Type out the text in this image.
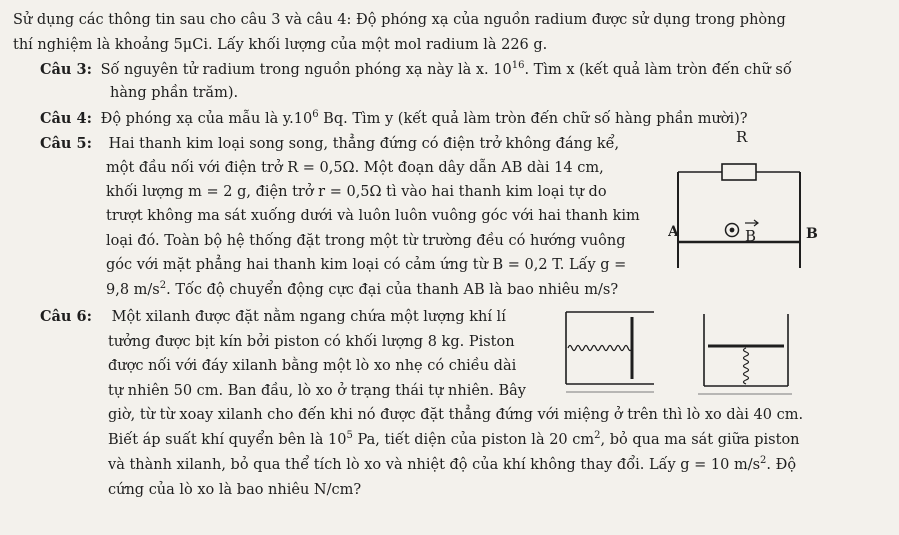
Sử dụng các thông tin sau cho câu 3 và câu 4: Độ phóng xạ của nguồn radium được sử dụng trong phòng
thí nghiệm là khoảng 5μCi. Lấy khối lượng của một mol radium là 226 g.
Câu 3: Số nguyên tử radium trong nguồn phóng xạ này là x. $10^{16}$. Tìm x (kết quả làm tròn đến chữ số
hàng phần trăm).
Câu 4: Độ phóng xạ của mẫu là $y.10^6$ Bq. Tìm y (kết quả làm tròn đến chữ số hàng phần mười)?
Câu 5: Hai thanh kim loại song song, thẳng đứng có điện trở không đáng kể,
một đầu nối với điện trở R = 0,5Ω. Một đoạn dây dẫn AB dài 14 cm,
khối lượng m = 2 g, điện trở r = 0,5Ω tì vào hai thanh kim loại tự do
trượt không ma sát xuống dưới và luôn luôn vuông góc với hai thanh kim
loại đó. Toàn bộ hệ thống đặt trong một từ trường đều có hướng vuông
góc với mặt phẳng hai thanh kim loại có cảm ứng từ B = 0,2 T. Lấy g =
9,8 $m/s^2$. Tốc độ chuyển động cực đại của thanh AB là bao nhiêu m/s?
R
A	B
B
Câu 6: Một xilanh được đặt nằm ngang chứa một lượng khí lí
tưởng được bịt kín bởi piston có khối lượng 8 kg. Piston
được nối với đáy xilanh bằng một lò xo nhẹ có chiều dài
tự nhiên 50 cm. Ban đầu, lò xo ở trạng thái tự nhiên. Bây
giờ, từ từ xoay xilanh cho đến khi nó được đặt thẳng đứng với miệng ở trên thì lò xo dài 40 cm.
Biết áp suất khí quyển bên là $10^5$ Pa, tiết diện của piston là 20 $cm^2$, bỏ qua ma sát giữa piston
và thành xilanh, bỏ qua thể tích lò xo và nhiệt độ của khí không thay đổi. Lấy g = 10 $m/s^2$. Độ
cứng của lò xo là bao nhiêu N/cm?
